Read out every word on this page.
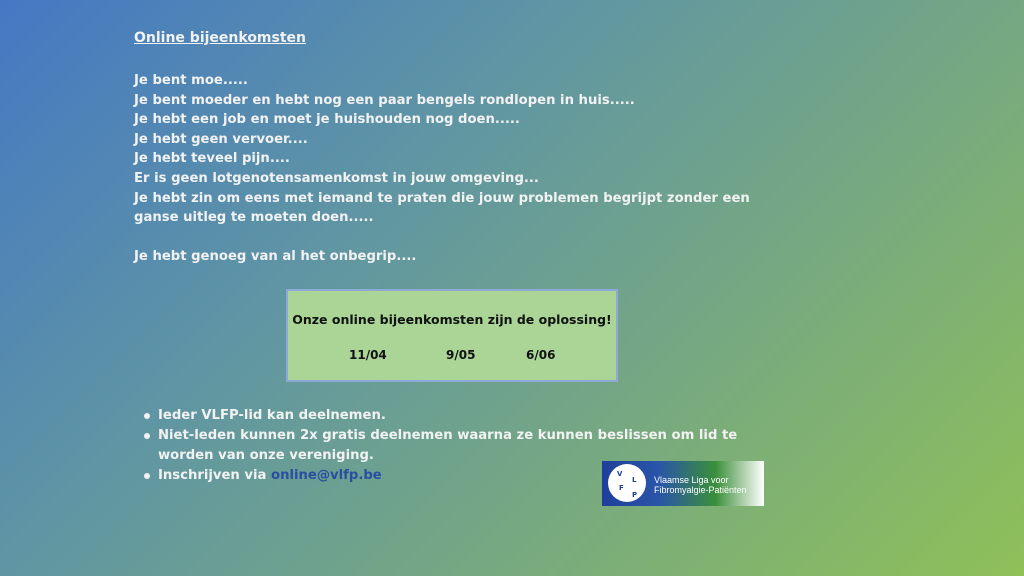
Online bijeenkomsten
Je bent moe.....
Je bent moeder en hebt nog een paar bengels rondlopen in huis.....
Je hebt een job en moet je huishouden nog doen.....
Je hebt geen vervoer....
Je hebt teveel pijn....
Er is geen lotgenotensamenkomst in jouw omgeving...
Je hebt zin om eens met iemand te praten die jouw problemen begrijpt zonder een ganse uitleg te moeten doen.....
Je hebt genoeg van al het onbegrip....
Onze online bijeenkomsten zijn de oplossing!
11/04	9/05	6/06
Ieder VLFP-lid kan deelnemen.
Niet-leden kunnen 2x gratis deelnemen waarna ze kunnen beslissen om lid te worden van onze vereniging.
Inschrijven via online@vlfp.be	V
L
F
P
Vlaamse Liga voor
Fibromyalgie-Patiënten
